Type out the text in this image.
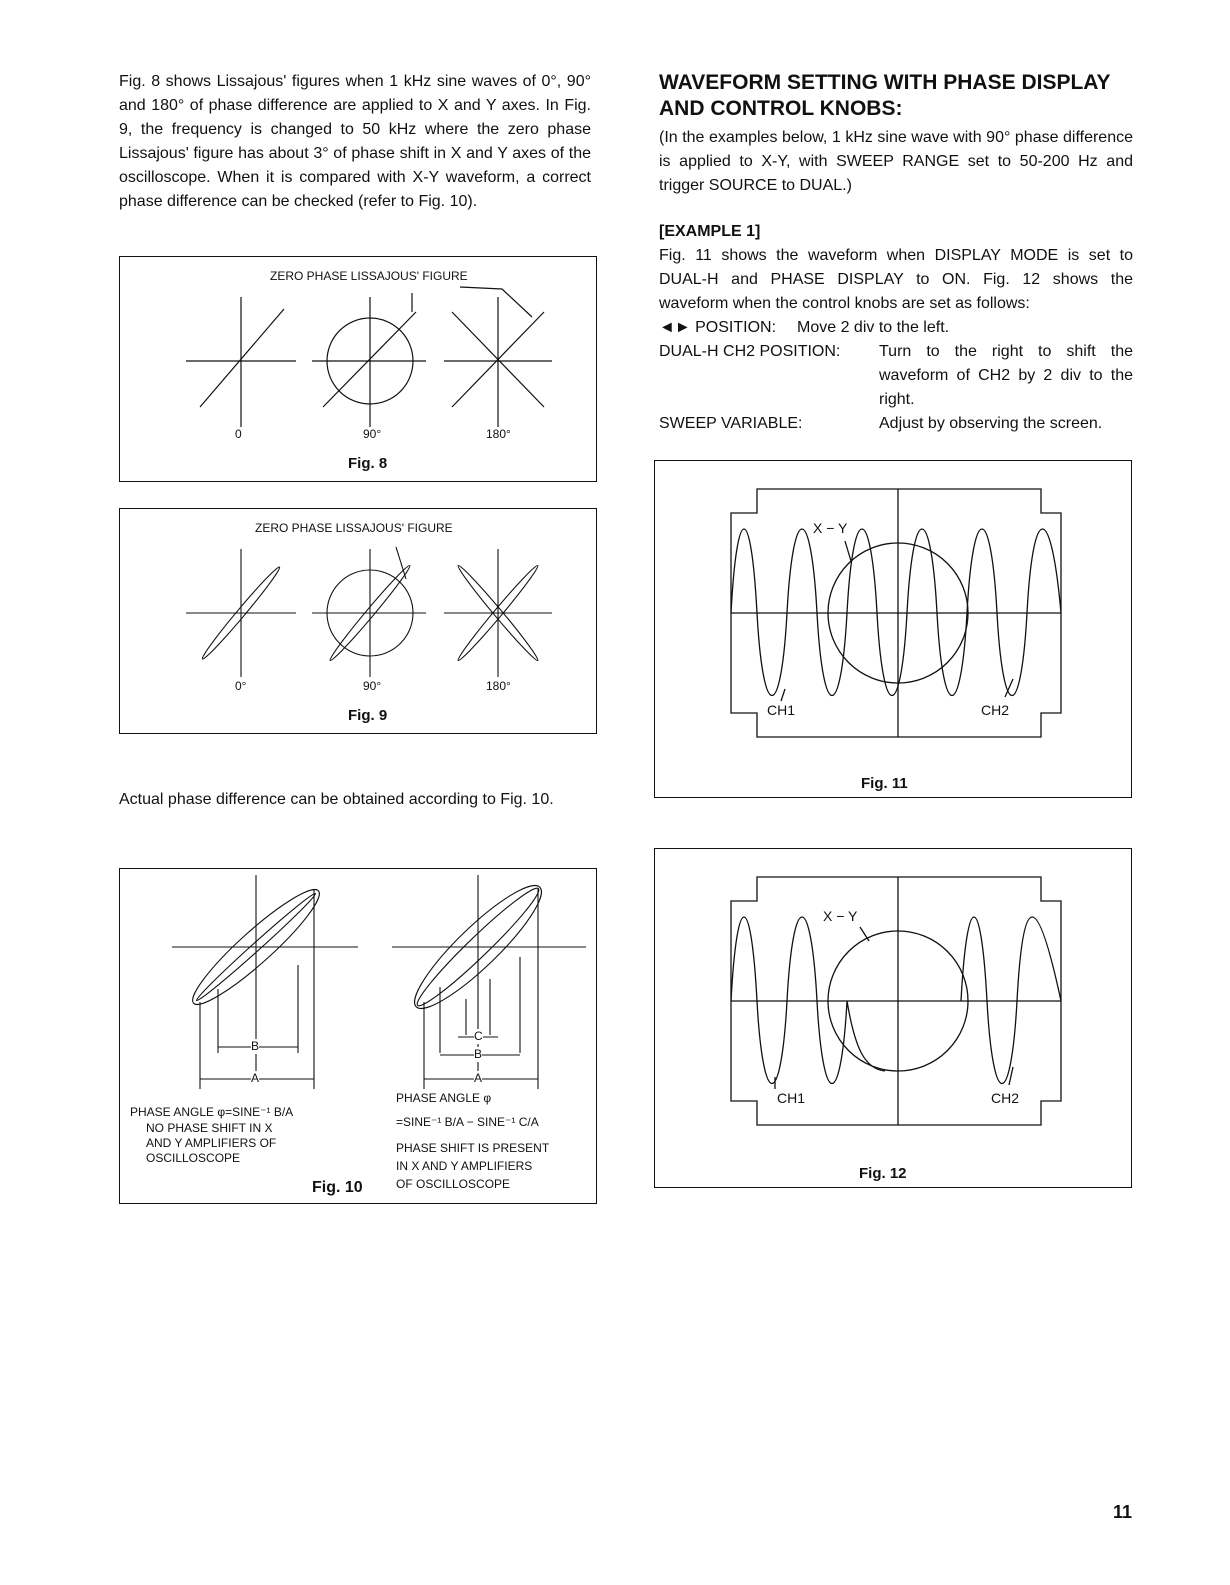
Fig. 8 shows Lissajous' figures when 1 kHz sine waves of 0°, 90° and 180° of phase difference are applied to X and Y axes. In Fig. 9, the frequency is changed to 50 kHz where the zero phase Lissajous' figure has about 3° of phase shift in X and Y axes of the oscilloscope. When it is compared with X-Y waveform, a correct phase difference can be checked (refer to Fig. 10).

ZERO PHASE LISSAJOUS' FIGURE
0	90°	180°
Fig. 8
ZERO PHASE LISSAJOUS' FIGURE
0°	90°	180°
Fig. 9

Actual phase difference can be obtained according to Fig. 10.

B
A
C
B
A
PHASE ANGLE φ=SINE⁻¹ B/A
NO PHASE SHIFT IN X
AND Y AMPLIFIERS OF
OSCILLOSCOPE
PHASE ANGLE φ
=SINE⁻¹ B/A − SINE⁻¹ C/A
PHASE SHIFT IS PRESENT
IN X AND Y AMPLIFIERS
OF OSCILLOSCOPE
Fig. 10
WAVEFORM SETTING WITH PHASE DISPLAY AND CONTROL KNOBS:

(In the examples below, 1 kHz sine wave with 90° phase difference is applied to X-Y, with SWEEP RANGE set to 50-200 Hz and trigger SOURCE to DUAL.)

[EXAMPLE 1]

Fig. 11 shows the waveform when DISPLAY MODE is set to DUAL-H and PHASE DISPLAY to ON. Fig. 12 shows the waveform when the control knobs are set as follows:

◄► POSITION: Move 2 div to the left.
DUAL-H CH2 POSITION: Turn to the right to shift the waveform of CH2 by 2 div to the right.

SWEEP VARIABLE:	Adjust by observing the screen.
X − Y
CH1	CH2
Fig. 11
X − Y
CH1	CH2
Fig. 12
11
